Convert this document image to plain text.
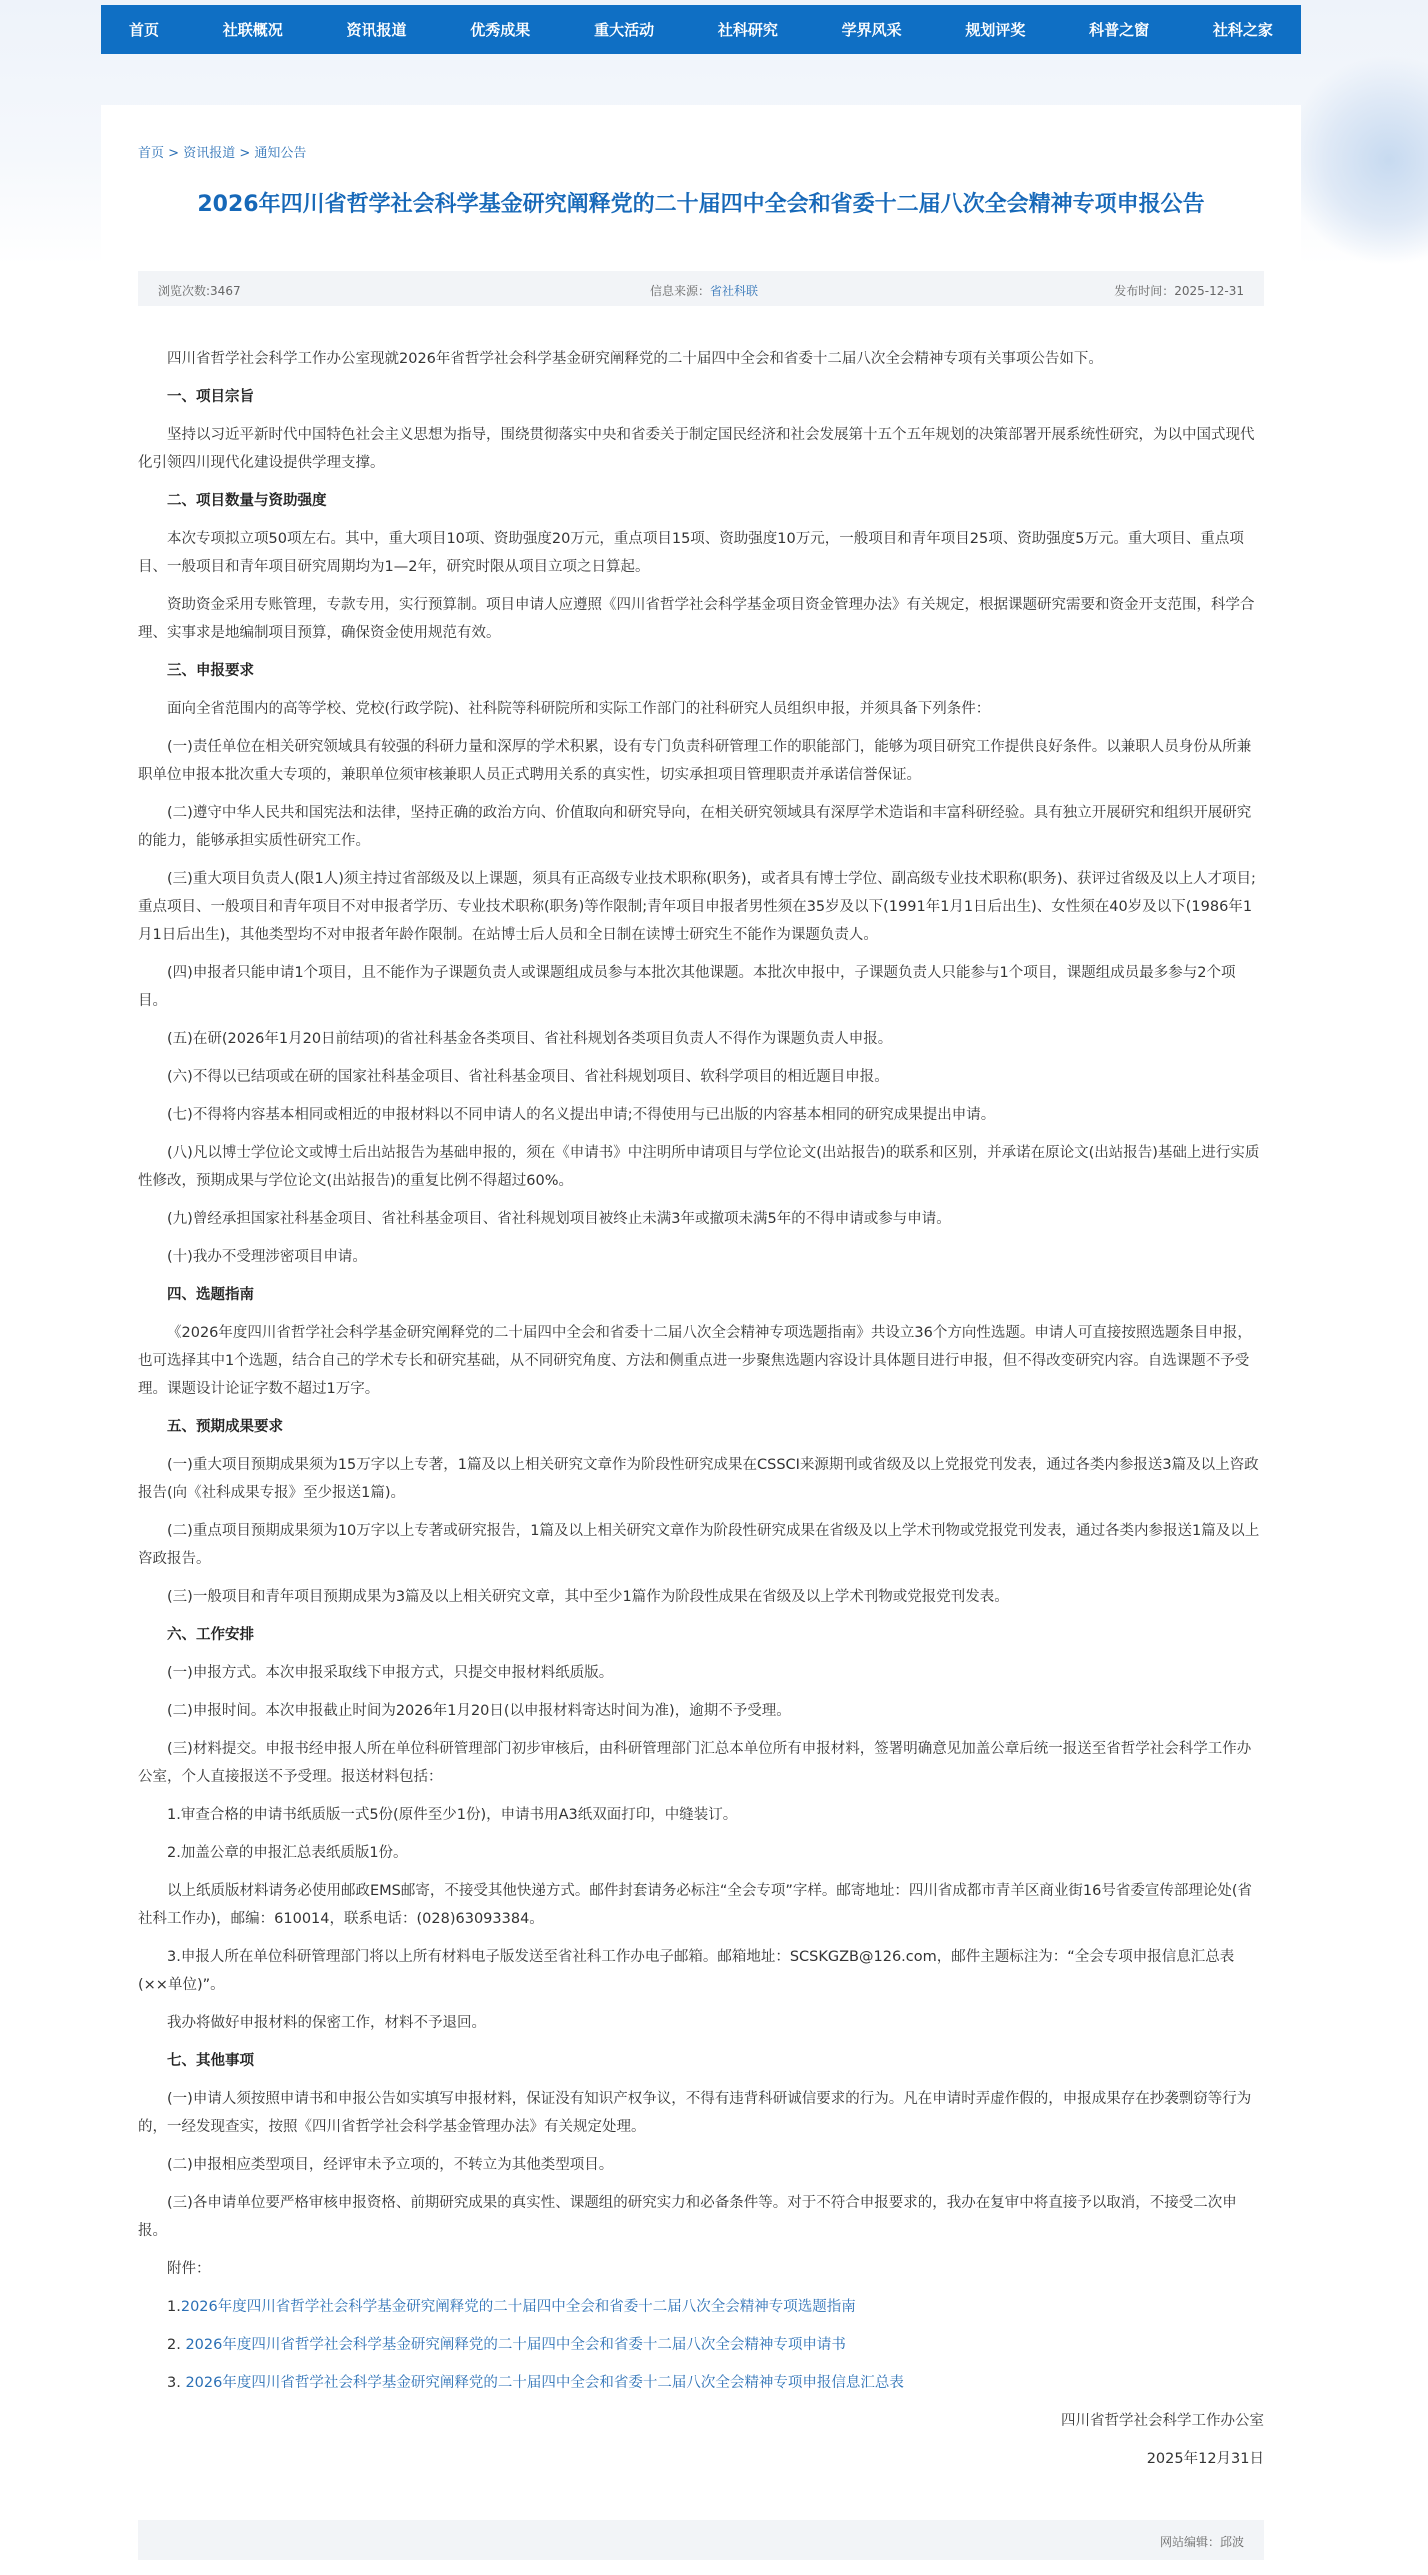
首页	社联概况	资讯报道	优秀成果	重大活动	社科研究	学界风采	规划评奖	科普之窗	社科之家
首页 > 资讯报道 > 通知公告
2026年四川省哲学社会科学基金研究阐释党的二十届四中全会和省委十二届八次全会精神专项申报公告
浏览次数:3467	信息来源：省社科联	发布时间：2025-12-31

四川省哲学社会科学工作办公室现就2026年省哲学社会科学基金研究阐释党的二十届四中全会和省委十二届八次全会精神专项有关事项公告如下。

一、项目宗旨

坚持以习近平新时代中国特色社会主义思想为指导，围绕贯彻落实中央和省委关于制定国民经济和社会发展第十五个五年规划的决策部署开展系统性研究，为以中国式现代化引领四川现代化建设提供学理支撑。

二、项目数量与资助强度

本次专项拟立项50项左右。其中，重大项目10项、资助强度20万元，重点项目15项、资助强度10万元，一般项目和青年项目25项、资助强度5万元。重大项目、重点项目、一般项目和青年项目研究周期均为1—2年，研究时限从项目立项之日算起。

资助资金采用专账管理，专款专用，实行预算制。项目申请人应遵照《四川省哲学社会科学基金项目资金管理办法》有关规定，根据课题研究需要和资金开支范围，科学合理、实事求是地编制项目预算，确保资金使用规范有效。

三、申报要求

面向全省范围内的高等学校、党校(行政学院)、社科院等科研院所和实际工作部门的社科研究人员组织申报，并须具备下列条件：

(一)责任单位在相关研究领域具有较强的科研力量和深厚的学术积累，设有专门负责科研管理工作的职能部门，能够为项目研究工作提供良好条件。以兼职人员身份从所兼职单位申报本批次重大专项的，兼职单位须审核兼职人员正式聘用关系的真实性，切实承担项目管理职责并承诺信誉保证。

(二)遵守中华人民共和国宪法和法律，坚持正确的政治方向、价值取向和研究导向，在相关研究领域具有深厚学术造诣和丰富科研经验。具有独立开展研究和组织开展研究的能力，能够承担实质性研究工作。

(三)重大项目负责人(限1人)须主持过省部级及以上课题，须具有正高级专业技术职称(职务)，或者具有博士学位、副高级专业技术职称(职务)、获评过省级及以上人才项目;重点项目、一般项目和青年项目不对申报者学历、专业技术职称(职务)等作限制;青年项目申报者男性须在35岁及以下(1991年1月1日后出生)、女性须在40岁及以下(1986年1月1日后出生)，其他类型均不对申报者年龄作限制。在站博士后人员和全日制在读博士研究生不能作为课题负责人。

(四)申报者只能申请1个项目，且不能作为子课题负责人或课题组成员参与本批次其他课题。本批次申报中，子课题负责人只能参与1个项目，课题组成员最多参与2个项目。

(五)在研(2026年1月20日前结项)的省社科基金各类项目、省社科规划各类项目负责人不得作为课题负责人申报。

(六)不得以已结项或在研的国家社科基金项目、省社科基金项目、省社科规划项目、软科学项目的相近题目申报。

(七)不得将内容基本相同或相近的申报材料以不同申请人的名义提出申请;不得使用与已出版的内容基本相同的研究成果提出申请。

(八)凡以博士学位论文或博士后出站报告为基础申报的，须在《申请书》中注明所申请项目与学位论文(出站报告)的联系和区别，并承诺在原论文(出站报告)基础上进行实质性修改，预期成果与学位论文(出站报告)的重复比例不得超过60%。

(九)曾经承担国家社科基金项目、省社科基金项目、省社科规划项目被终止未满3年或撤项未满5年的不得申请或参与申请。

(十)我办不受理涉密项目申请。

四、选题指南

《2026年度四川省哲学社会科学基金研究阐释党的二十届四中全会和省委十二届八次全会精神专项选题指南》共设立36个方向性选题。申请人可直接按照选题条目申报，也可选择其中1个选题，结合自己的学术专长和研究基础，从不同研究角度、方法和侧重点进一步聚焦选题内容设计具体题目进行申报，但不得改变研究内容。自选课题不予受理。课题设计论证字数不超过1万字。

五、预期成果要求

(一)重大项目预期成果须为15万字以上专著，1篇及以上相关研究文章作为阶段性研究成果在CSSCI来源期刊或省级及以上党报党刊发表，通过各类内参报送3篇及以上咨政报告(向《社科成果专报》至少报送1篇)。

(二)重点项目预期成果须为10万字以上专著或研究报告，1篇及以上相关研究文章作为阶段性研究成果在省级及以上学术刊物或党报党刊发表，通过各类内参报送1篇及以上咨政报告。

(三)一般项目和青年项目预期成果为3篇及以上相关研究文章，其中至少1篇作为阶段性成果在省级及以上学术刊物或党报党刊发表。

六、工作安排

(一)申报方式。本次申报采取线下申报方式，只提交申报材料纸质版。

(二)申报时间。本次申报截止时间为2026年1月20日(以申报材料寄达时间为准)，逾期不予受理。

(三)材料提交。申报书经申报人所在单位科研管理部门初步审核后，由科研管理部门汇总本单位所有申报材料，签署明确意见加盖公章后统一报送至省哲学社会科学工作办公室，个人直接报送不予受理。报送材料包括：

1.审查合格的申请书纸质版一式5份(原件至少1份)，申请书用A3纸双面打印，中缝装订。

2.加盖公章的申报汇总表纸质版1份。

以上纸质版材料请务必使用邮政EMS邮寄，不接受其他快递方式。邮件封套请务必标注“全会专项”字样。邮寄地址：四川省成都市青羊区商业街16号省委宣传部理论处(省社科工作办)，邮编：610014，联系电话：(028)63093384。

3.申报人所在单位科研管理部门将以上所有材料电子版发送至省社科工作办电子邮箱。邮箱地址：SCSKGZB@126.com，邮件主题标注为：“全会专项申报信息汇总表(××单位)”。

我办将做好申报材料的保密工作，材料不予退回。

七、其他事项

(一)申请人须按照申请书和申报公告如实填写申报材料，保证没有知识产权争议，不得有违背科研诚信要求的行为。凡在申请时弄虚作假的，申报成果存在抄袭剽窃等行为的，一经发现查实，按照《四川省哲学社会科学基金管理办法》有关规定处理。

(二)申报相应类型项目，经评审未予立项的，不转立为其他类型项目。

(三)各申请单位要严格审核申报资格、前期研究成果的真实性、课题组的研究实力和必备条件等。对于不符合申报要求的，我办在复审中将直接予以取消，不接受二次申报。

附件：

1.2026年度四川省哲学社会科学基金研究阐释党的二十届四中全会和省委十二届八次全会精神专项选题指南

2. 2026年度四川省哲学社会科学基金研究阐释党的二十届四中全会和省委十二届八次全会精神专项申请书

3. 2026年度四川省哲学社会科学基金研究阐释党的二十届四中全会和省委十二届八次全会精神专项申报信息汇总表

四川省哲学社会科学工作办公室

2025年12月31日

网站编辑：邱波
